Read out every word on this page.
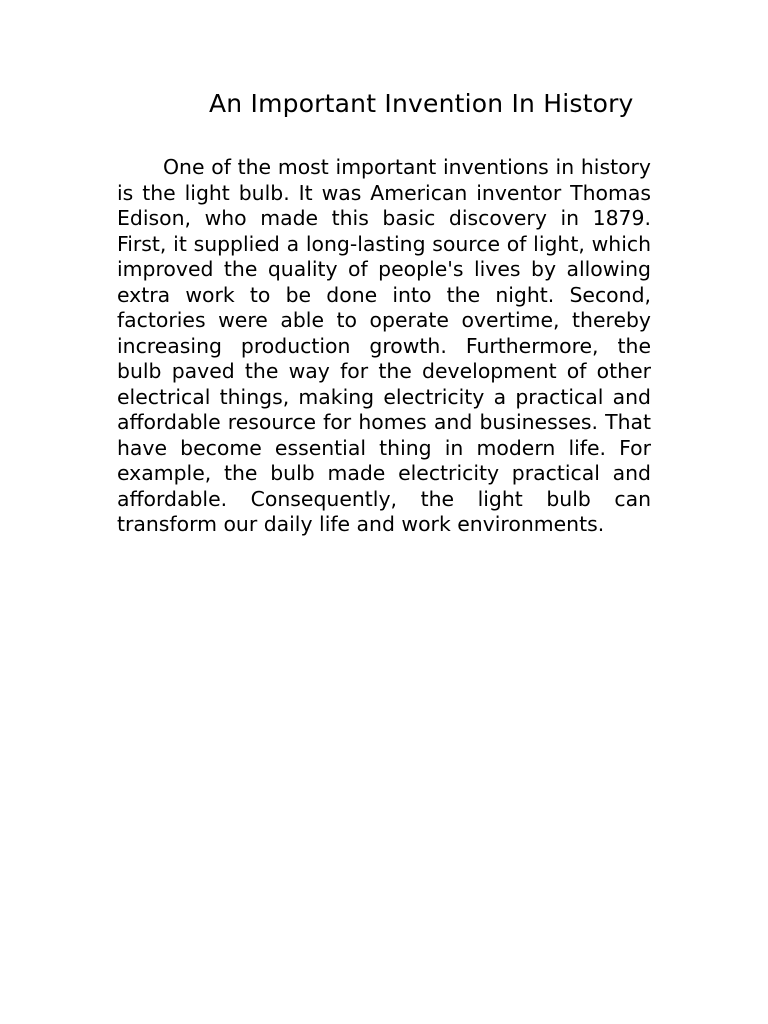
An Important Invention In History

One of the most important inventions in history is the light bulb. It was American inventor Thomas Edison, who made this basic discovery in 1879. First, it supplied a long-lasting source of light, which improved the quality of people's lives by allowing extra work to be done into the night. Second, factories were able to operate overtime, thereby increasing production growth. Furthermore, the bulb paved the way for the development of other electrical things, making electricity a practical and affordable resource for homes and businesses. That have become essential thing in modern life. For example, the bulb made electricity practical and affordable. Consequently, the light bulb can transform our daily life and work environments.
